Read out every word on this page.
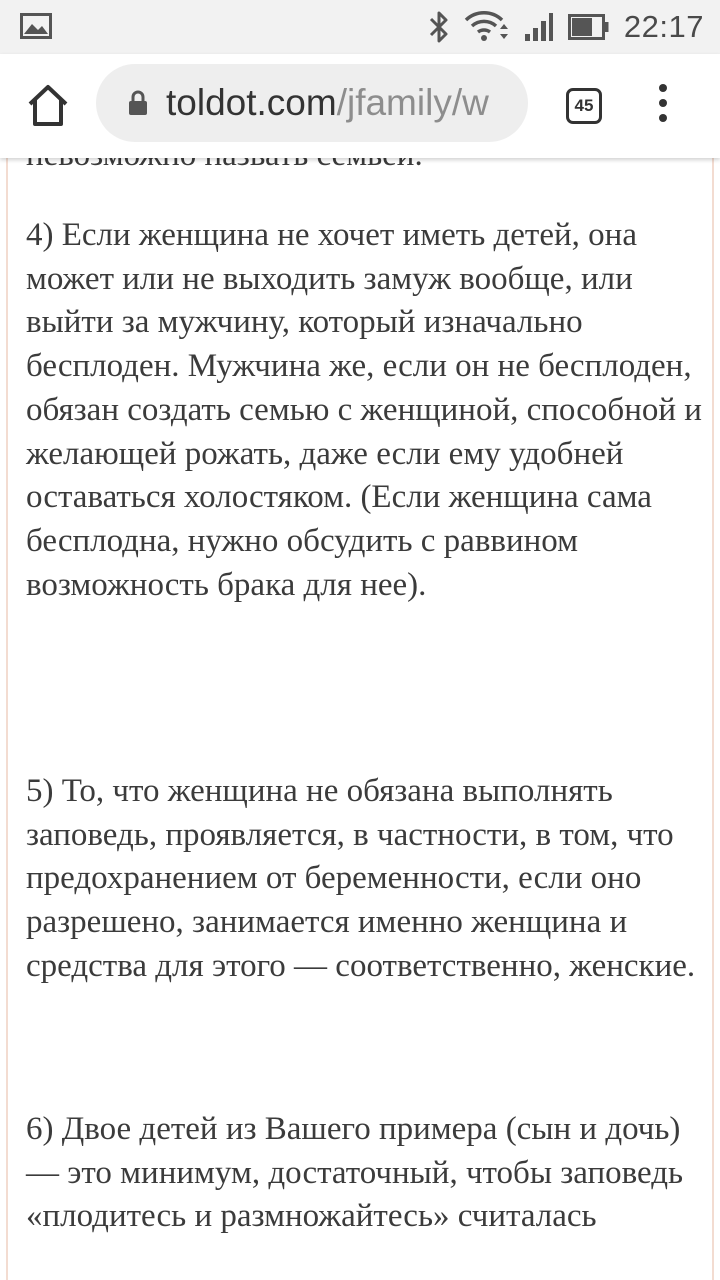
22:17
toldot.com/jfamily/w	45

4) Если женщина не хочет иметь детей, она может или не выходить замуж вообще, или выйти за мужчину, который изначально бесплоден. Мужчина же, если он не бесплоден, обязан создать семью с женщиной, способной и желающей рожать, даже если ему удобней оставаться холостяком. (Если женщина сама бесплодна, нужно обсудить с раввином возможность брака для нее).

5) То, что женщина не обязана выполнять заповедь, проявляется, в частности, в том, что предохранением от беременности, если оно разрешено, занимается именно женщина и средства для этого — соответственно, женские.

6) Двое детей из Вашего примера (сын и дочь) — это минимум, достаточный, чтобы заповедь «плодитесь и размножайтесь» считалась
